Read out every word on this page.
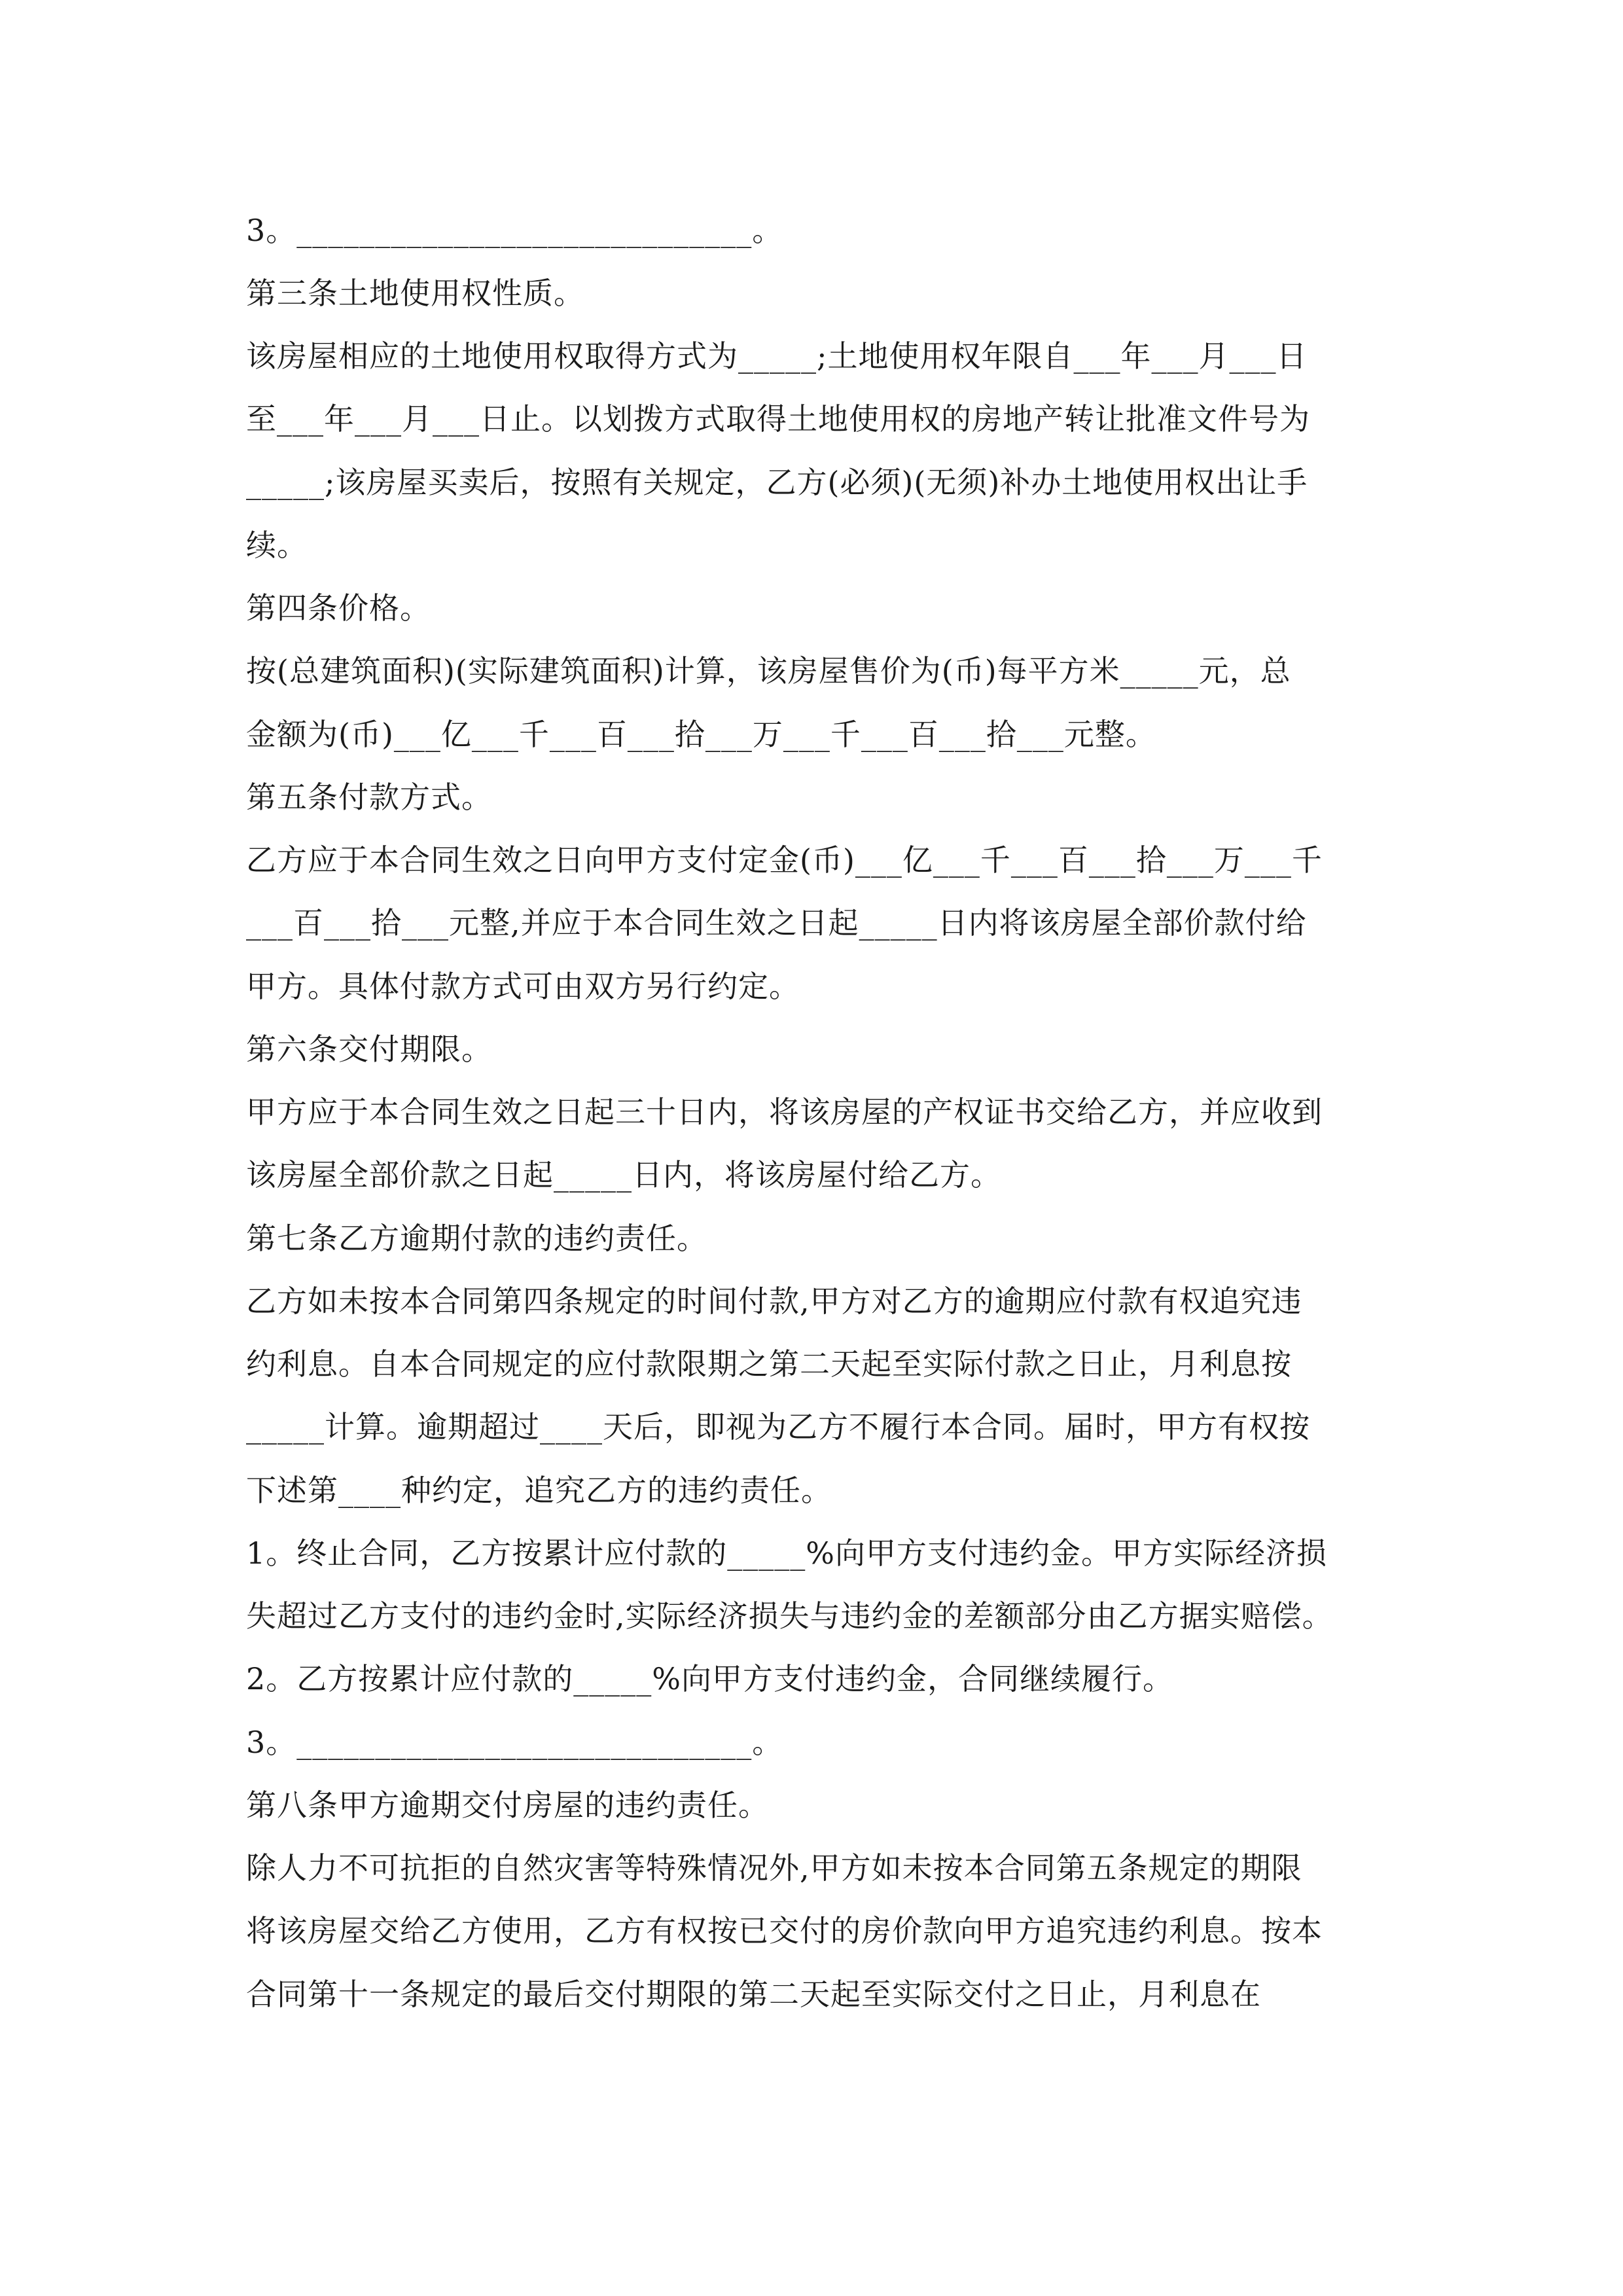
3。_____________________________。
第三条土地使用权性质。
该房屋相应的土地使用权取得方式为_____;土地使用权年限自___年___月___日
至___年___月___日止。以划拨方式取得土地使用权的房地产转让批准文件号为
_____;该房屋买卖后，按照有关规定，乙方(必须)(无须)补办土地使用权出让手
续。
第四条价格。
按(总建筑面积)(实际建筑面积)计算，该房屋售价为(币)每平方米_____元，总
金额为(币)___亿___千___百___拾___万___千___百___拾___元整。
第五条付款方式。
乙方应于本合同生效之日向甲方支付定金(币)___亿___千___百___拾___万___千
___百___拾___元整,并应于本合同生效之日起_____日内将该房屋全部价款付给
甲方。具体付款方式可由双方另行约定。
第六条交付期限。
甲方应于本合同生效之日起三十日内，将该房屋的产权证书交给乙方，并应收到
该房屋全部价款之日起_____日内，将该房屋付给乙方。
第七条乙方逾期付款的违约责任。
乙方如未按本合同第四条规定的时间付款,甲方对乙方的逾期应付款有权追究违
约利息。自本合同规定的应付款限期之第二天起至实际付款之日止，月利息按
_____计算。逾期超过____天后，即视为乙方不履行本合同。届时，甲方有权按
下述第____种约定，追究乙方的违约责任。
1。终止合同，乙方按累计应付款的_____%向甲方支付违约金。甲方实际经济损
失超过乙方支付的违约金时,实际经济损失与违约金的差额部分由乙方据实赔偿。
2。乙方按累计应付款的_____%向甲方支付违约金，合同继续履行。
3。_____________________________。
第八条甲方逾期交付房屋的违约责任。
除人力不可抗拒的自然灾害等特殊情况外,甲方如未按本合同第五条规定的期限
将该房屋交给乙方使用，乙方有权按已交付的房价款向甲方追究违约利息。按本
合同第十一条规定的最后交付期限的第二天起至实际交付之日止，月利息在
